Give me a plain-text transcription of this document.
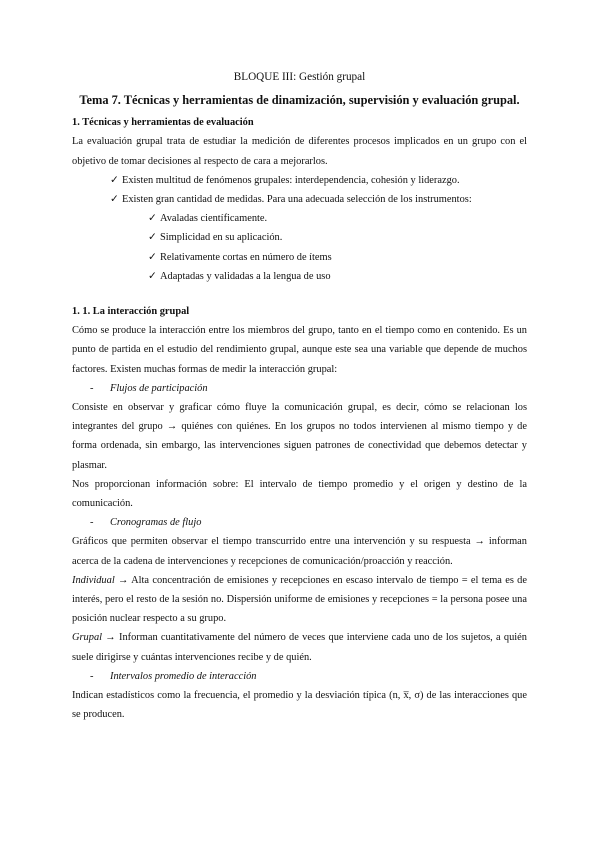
BLOQUE III: Gestión grupal
Tema 7. Técnicas y herramientas de dinamización, supervisión y evaluación grupal.
1. Técnicas y herramientas de evaluación

La evaluación grupal trata de estudiar la medición de diferentes procesos implicados en un grupo con el objetivo de tomar decisiones al respecto de cara a mejorarlos.

✓ Existen multitud de fenómenos grupales: interdependencia, cohesión y liderazgo.
✓ Existen gran cantidad de medidas. Para una adecuada selección de los instrumentos:
✓ Avaladas científicamente.
✓ Simplicidad en su aplicación.
✓ Relativamente cortas en número de ítems
✓ Adaptadas y validadas a la lengua de uso
1. 1. La interacción grupal

Cómo se produce la interacción entre los miembros del grupo, tanto en el tiempo como en contenido. Es un punto de partida en el estudio del rendimiento grupal, aunque este sea una variable que depende de muchos factores. Existen muchas formas de medir la interacción grupal:

-	Flujos de participación

Consiste en observar y graficar cómo fluye la comunicación grupal, es decir, cómo se relacionan los integrantes del grupo → quiénes con quiénes. En los grupos no todos intervienen al mismo tiempo y de forma ordenada, sin embargo, las intervenciones siguen patrones de conectividad que debemos detectar y plasmar.

Nos proporcionan información sobre: El intervalo de tiempo promedio y el origen y destino de la comunicación.

-	Cronogramas de flujo

Gráficos que permiten observar el tiempo transcurrido entre una intervención y su respuesta → informan acerca de la cadena de intervenciones y recepciones de comunicación/proacción y reacción.

Individual → Alta concentración de emisiones y recepciones en escaso intervalo de tiempo = el tema es de interés, pero el resto de la sesión no. Dispersión uniforme de emisiones y recepciones = la persona posee una posición nuclear respecto a su grupo.

Grupal → Informan cuantitativamente del número de veces que interviene cada uno de los sujetos, a quién suele dirigirse y cuántas intervenciones recibe y de quién.

-	Intervalos promedio de interacción

Indican estadísticos como la frecuencia, el promedio y la desviación típica (n, x̅, σ) de las interacciones que se producen.
